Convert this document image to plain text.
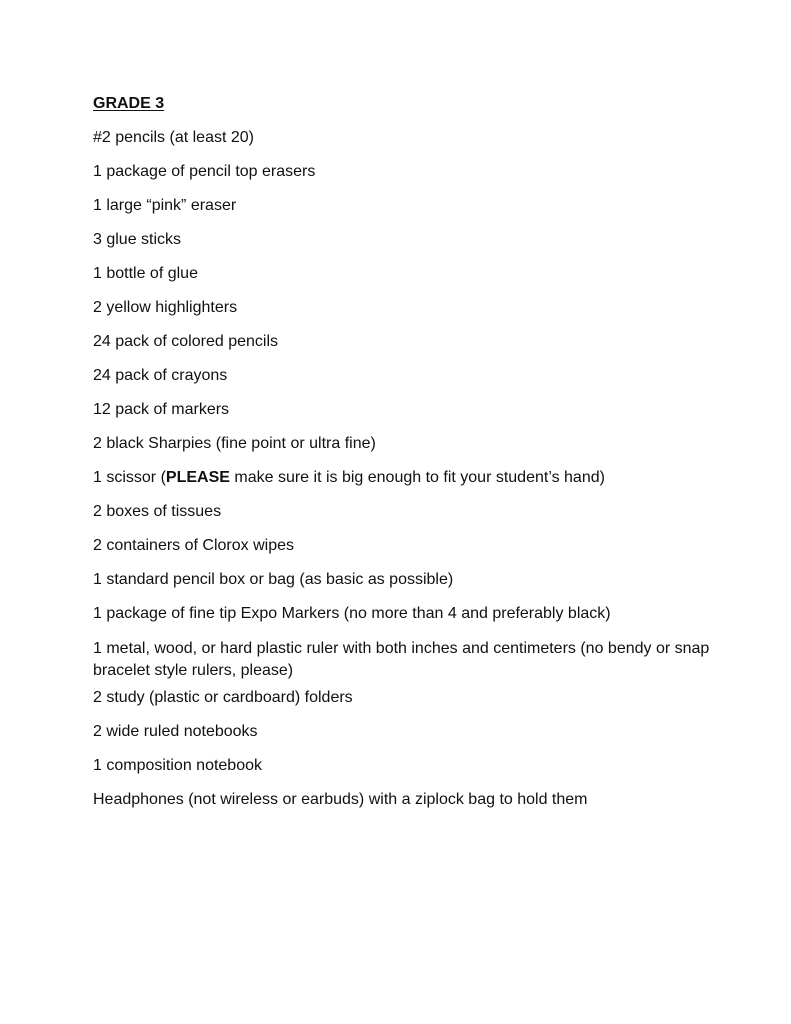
GRADE 3
#2 pencils (at least 20)
1 package of pencil top erasers
1 large “pink” eraser
3 glue sticks
1 bottle of glue
2 yellow highlighters
24 pack of colored pencils
24 pack of crayons
12 pack of markers
2 black Sharpies (fine point or ultra fine)
1 scissor (PLEASE make sure it is big enough to fit your student’s hand)
2 boxes of tissues
2 containers of Clorox wipes
1 standard pencil box or bag (as basic as possible)
1 package of fine tip Expo Markers (no more than 4 and preferably black)
1 metal, wood, or hard plastic ruler with both inches and centimeters (no bendy or snap bracelet style rulers, please)
2 study (plastic or cardboard) folders
2 wide ruled notebooks
1 composition notebook
Headphones (not wireless or earbuds) with a ziplock bag to hold them
